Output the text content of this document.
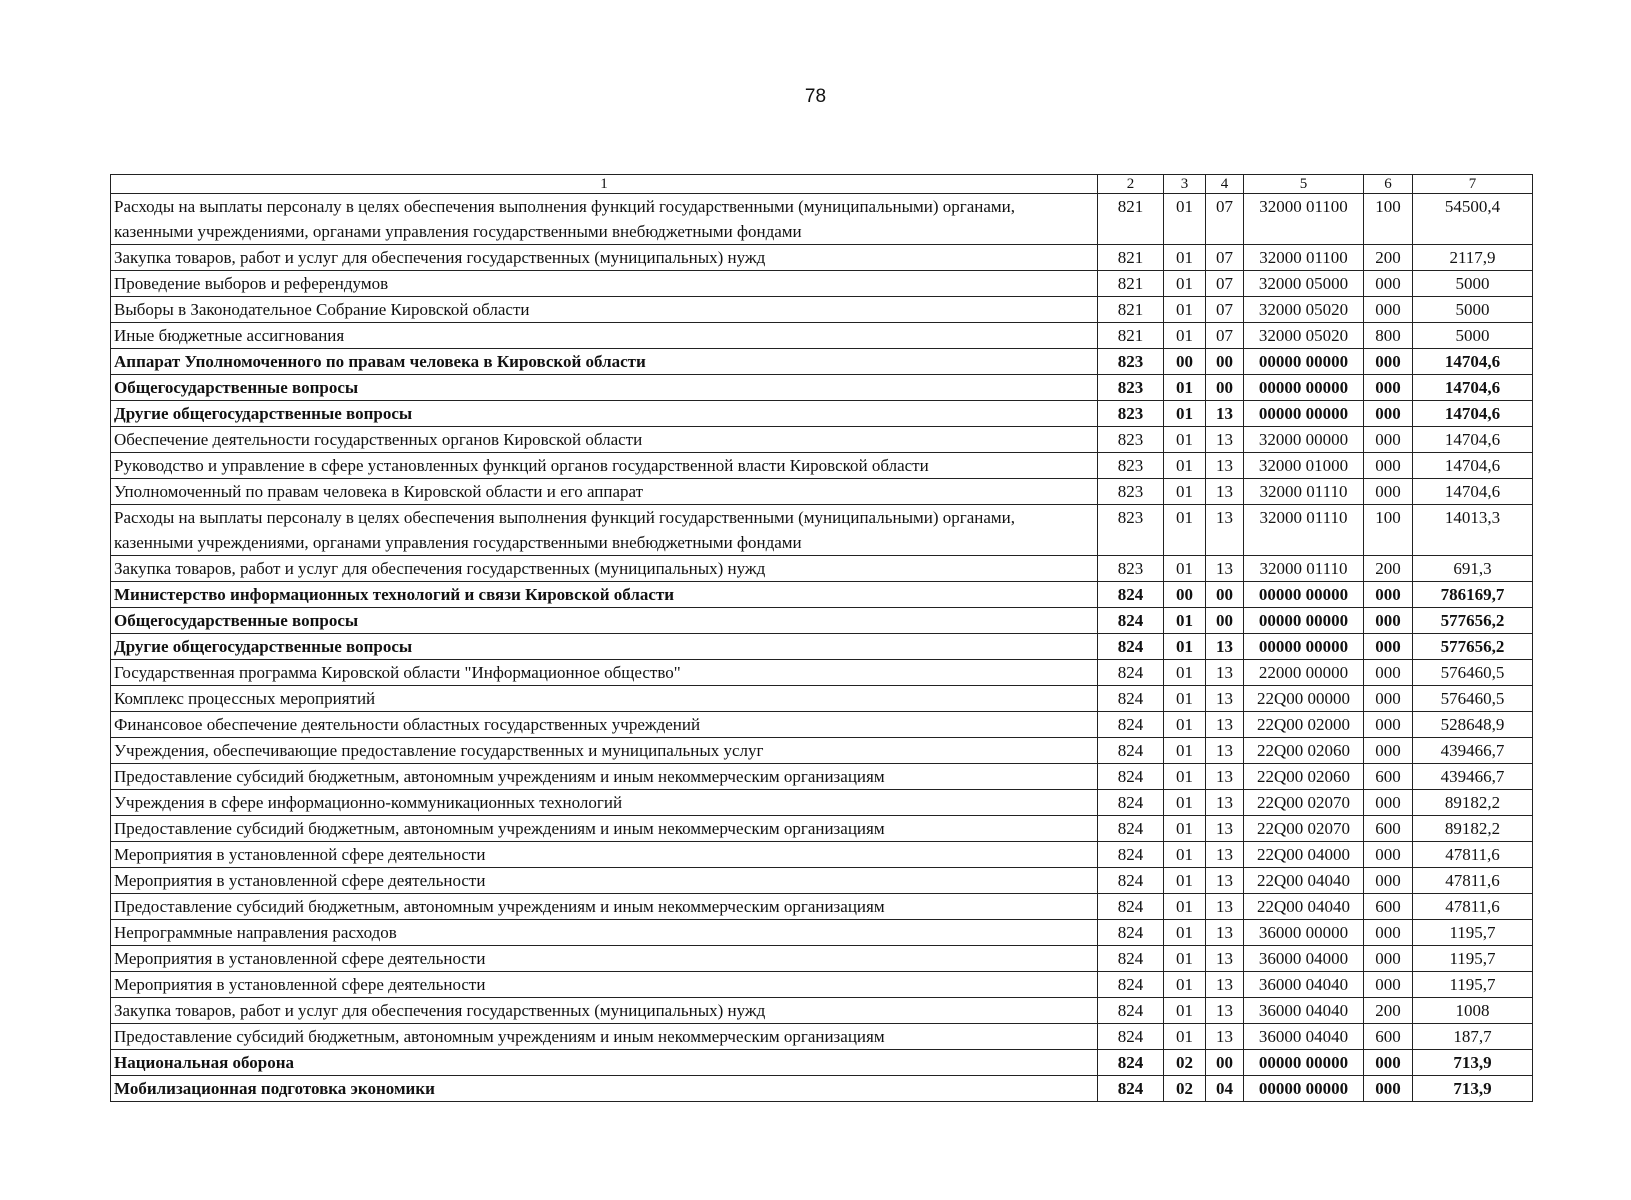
78
1	2	3	4	5	6	7
Расходы на выплаты персоналу в целях обеспечения выполнения функций государственными (муниципальными) органами, казенными учреждениями, органами управления государственными внебюджетными фондами	821	01	07	32000 01100	100	54500,4
Закупка товаров, работ и услуг для обеспечения государственных (муниципальных) нужд	821	01	07	32000 01100	200	2117,9
Проведение выборов и референдумов	821	01	07	32000 05000	000	5000
Выборы в Законодательное Собрание Кировской области	821	01	07	32000 05020	000	5000
Иные бюджетные ассигнования	821	01	07	32000 05020	800	5000
Аппарат Уполномоченного по правам человека в Кировской области	823	00	00	00000 00000	000	14704,6
Общегосударственные вопросы	823	01	00	00000 00000	000	14704,6
Другие общегосударственные вопросы	823	01	13	00000 00000	000	14704,6
Обеспечение деятельности государственных органов Кировской области	823	01	13	32000 00000	000	14704,6
Руководство и управление в сфере установленных функций органов государственной власти Кировской области	823	01	13	32000 01000	000	14704,6
Уполномоченный по правам человека в Кировской области и его аппарат	823	01	13	32000 01110	000	14704,6
Расходы на выплаты персоналу в целях обеспечения выполнения функций государственными (муниципальными) органами, казенными учреждениями, органами управления государственными внебюджетными фондами	823	01	13	32000 01110	100	14013,3
Закупка товаров, работ и услуг для обеспечения государственных (муниципальных) нужд	823	01	13	32000 01110	200	691,3
Министерство информационных технологий и связи Кировской области	824	00	00	00000 00000	000	786169,7
Общегосударственные вопросы	824	01	00	00000 00000	000	577656,2
Другие общегосударственные вопросы	824	01	13	00000 00000	000	577656,2
Государственная программа Кировской области "Информационное общество"	824	01	13	22000 00000	000	576460,5
Комплекс процессных мероприятий	824	01	13	22Q00 00000	000	576460,5
Финансовое обеспечение деятельности областных государственных учреждений	824	01	13	22Q00 02000	000	528648,9
Учреждения, обеспечивающие предоставление государственных и муниципальных услуг	824	01	13	22Q00 02060	000	439466,7
Предоставление субсидий бюджетным, автономным учреждениям и иным некоммерческим организациям	824	01	13	22Q00 02060	600	439466,7
Учреждения в сфере информационно-коммуникационных технологий	824	01	13	22Q00 02070	000	89182,2
Предоставление субсидий бюджетным, автономным учреждениям и иным некоммерческим организациям	824	01	13	22Q00 02070	600	89182,2
Мероприятия в установленной сфере деятельности	824	01	13	22Q00 04000	000	47811,6
Мероприятия в установленной сфере деятельности	824	01	13	22Q00 04040	000	47811,6
Предоставление субсидий бюджетным, автономным учреждениям и иным некоммерческим организациям	824	01	13	22Q00 04040	600	47811,6
Непрограммные направления расходов	824	01	13	36000 00000	000	1195,7
Мероприятия в установленной сфере деятельности	824	01	13	36000 04000	000	1195,7
Мероприятия в установленной сфере деятельности	824	01	13	36000 04040	000	1195,7
Закупка товаров, работ и услуг для обеспечения государственных (муниципальных) нужд	824	01	13	36000 04040	200	1008
Предоставление субсидий бюджетным, автономным учреждениям и иным некоммерческим организациям	824	01	13	36000 04040	600	187,7
Национальная оборона	824	02	00	00000 00000	000	713,9
Мобилизационная подготовка экономики	824	02	04	00000 00000	000	713,9
